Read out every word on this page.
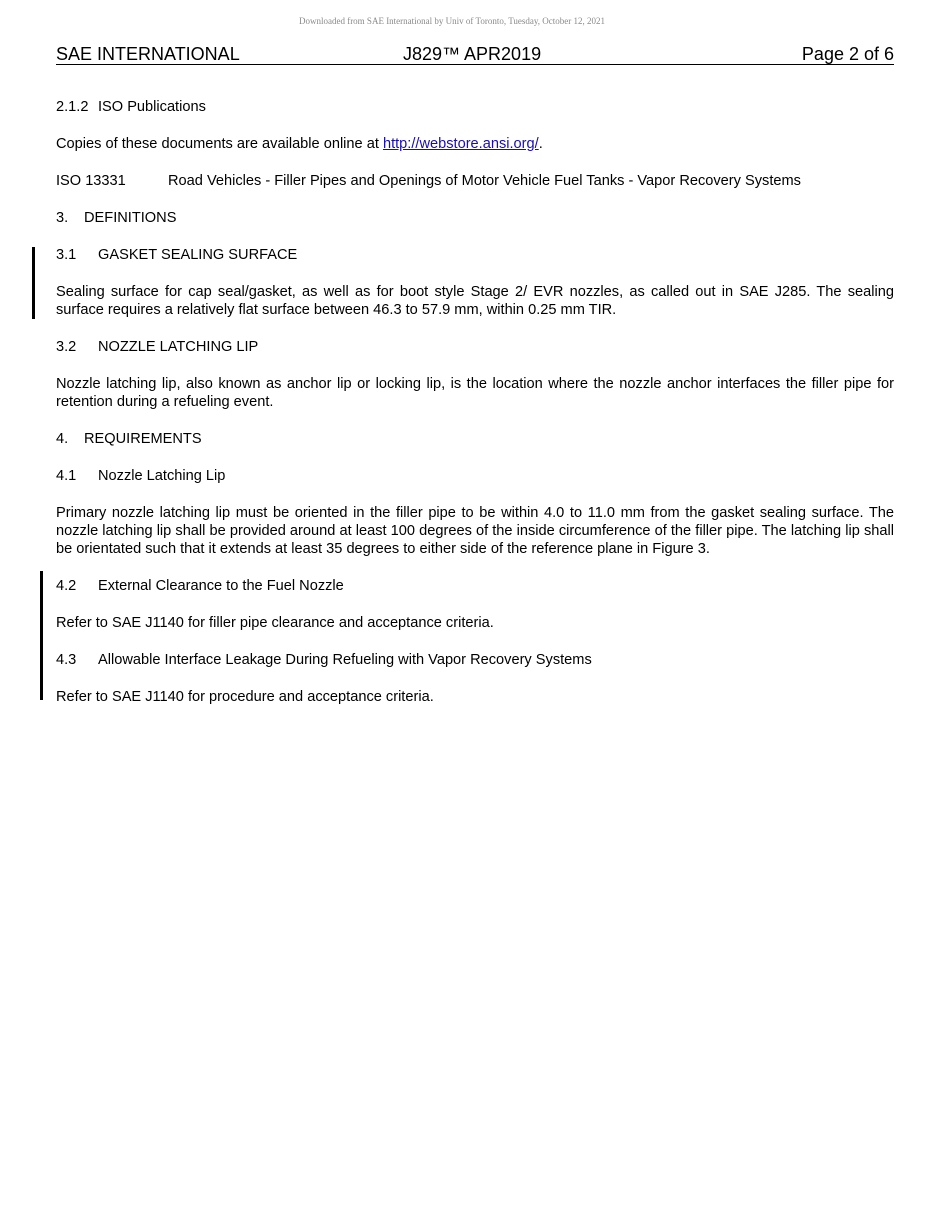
Downloaded from SAE International by Univ of Toronto, Tuesday, October 12, 2021
SAE INTERNATIONAL	J829™ APR2019	Page 2 of 6

2.1.2 ISO Publications

Copies of these documents are available online at http://webstore.ansi.org/.

ISO 13331	Road Vehicles - Filler Pipes and Openings of Motor Vehicle Fuel Tanks - Vapor Recovery Systems

3. DEFINITIONS

3.1 GASKET SEALING SURFACE

Sealing surface for cap seal/gasket, as well as for boot style Stage 2/ EVR nozzles, as called out in SAE J285. The sealing surface requires a relatively flat surface between 46.3 to 57.9 mm, within 0.25 mm TIR.

3.2 NOZZLE LATCHING LIP

Nozzle latching lip, also known as anchor lip or locking lip, is the location where the nozzle anchor interfaces the filler pipe for retention during a refueling event.

4. REQUIREMENTS

4.1 Nozzle Latching Lip

Primary nozzle latching lip must be oriented in the filler pipe to be within 4.0 to 11.0 mm from the gasket sealing surface. The nozzle latching lip shall be provided around at least 100 degrees of the inside circumference of the filler pipe. The latching lip shall be orientated such that it extends at least 35 degrees to either side of the reference plane in Figure 3.

4.2 External Clearance to the Fuel Nozzle

Refer to SAE J1140 for filler pipe clearance and acceptance criteria.

4.3 Allowable Interface Leakage During Refueling with Vapor Recovery Systems

Refer to SAE J1140 for procedure and acceptance criteria.
